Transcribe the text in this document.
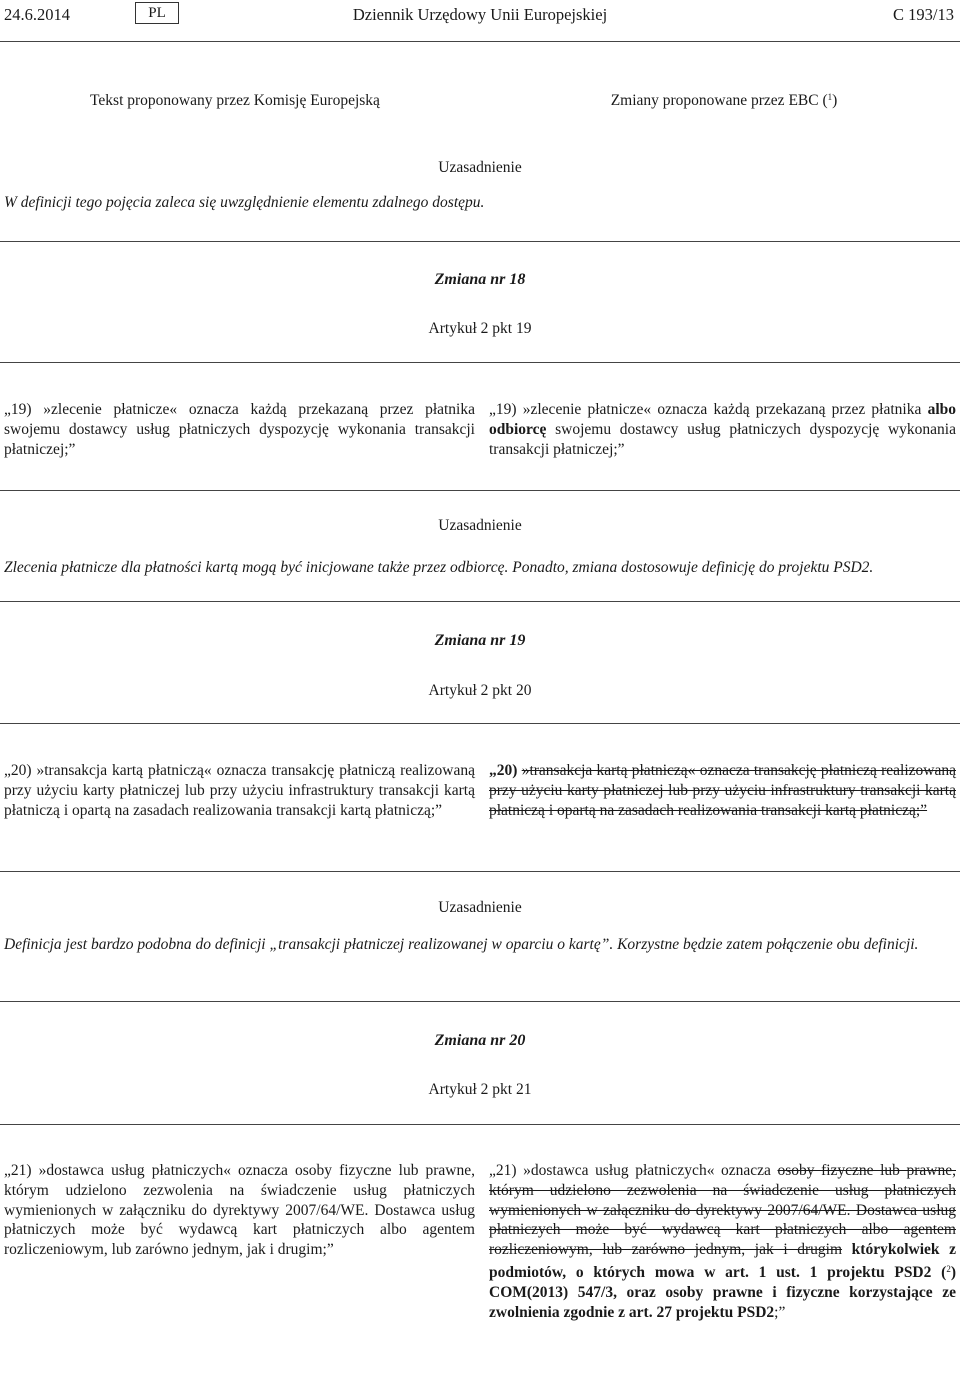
24.6.2014	PL	Dziennik Urzędowy Unii Europejskiej	C 193/13
Tekst proponowany przez Komisję Europejską	Zmiany proponowane przez EBC ($^1$)
Uzasadnienie
W definicji tego pojęcia zaleca się uwzględnienie elementu zdalnego dostępu.
Zmiana nr 18
Artykuł 2 pkt 19
„19) »zlecenie płatnicze« oznacza każdą przekazaną przez płatnika swojemu dostawcy usług płatniczych dyspozycję wykonania transakcji płatniczej;”
„19) »zlecenie płatnicze« oznacza każdą przekazaną przez płatnika albo odbiorcę swojemu dostawcy usług płatniczych dyspozycję wykonania transakcji płatniczej;”
Uzasadnienie
Zlecenia płatnicze dla płatności kartą mogą być inicjowane także przez odbiorcę. Ponadto, zmiana dostosowuje definicję do projektu PSD2.
Zmiana nr 19
Artykuł 2 pkt 20
„20) »transakcja kartą płatniczą« oznacza transakcję płatniczą realizowaną przy użyciu karty płatniczej lub przy użyciu infrastruktury transakcji kartą płatniczą i opartą na zasadach realizowania transakcji kartą płatniczą;”
„20) »transakcja kartą płatniczą« oznacza transakcję płatniczą realizowaną przy użyciu karty płatniczej lub przy użyciu infrastruktury transakcji kartą płatniczą i opartą na zasadach realizowania transakcji kartą płatniczą;”
Uzasadnienie
Definicja jest bardzo podobna do definicji „transakcji płatniczej realizowanej w oparciu o kartę”. Korzystne będzie zatem połączenie obu definicji.
Zmiana nr 20
Artykuł 2 pkt 21
„21) »dostawca usług płatniczych« oznacza osoby fizyczne lub prawne, którym udzielono zezwolenia na świadczenie usług płatniczych wymienionych w załączniku do dyrektywy 2007/64/WE. Dostawca usług płatniczych może być wydawcą kart płatniczych albo agentem rozliczeniowym, lub zarówno jednym, jak i drugim;”
„21) »dostawca usług płatniczych« oznacza osoby fizyczne lub prawne, którym udzielono zezwolenia na świadczenie usług płatniczych wymienionych w załączniku do dyrektywy 2007/64/WE. Dostawca usług płatniczych może być wydawcą kart płatniczych albo agentem rozliczeniowym, lub zarówno jednym, jak i drugim którykolwiek z podmiotów, o których mowa w art. 1 ust. 1 projektu PSD2 ($^2$) COM(2013) 547/3, oraz osoby prawne i fizyczne korzystające ze zwolnienia zgodnie z art. 27 projektu PSD2;”
